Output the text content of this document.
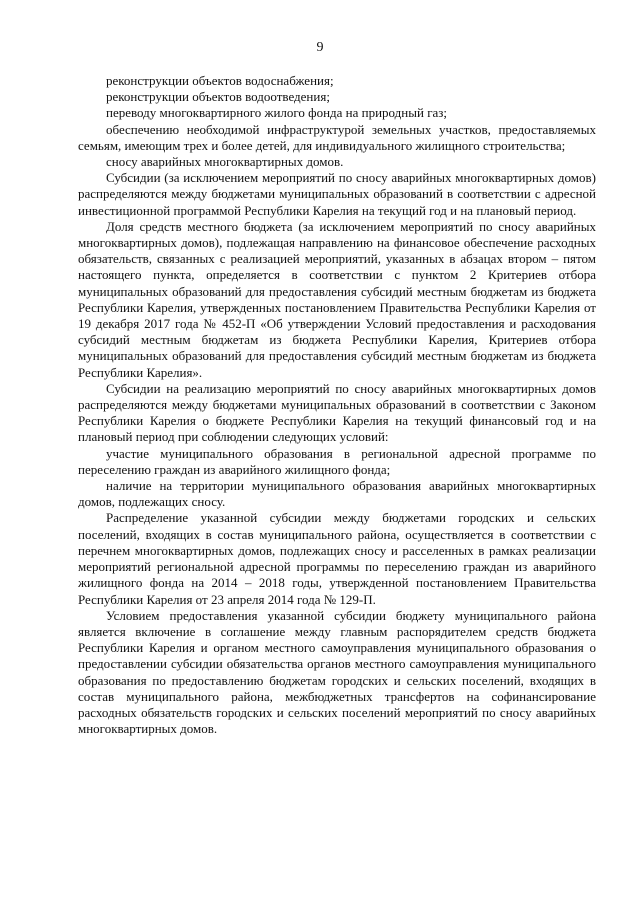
9

реконструкции объектов водоснабжения;

реконструкции объектов водоотведения;

переводу многоквартирного жилого фонда на природный газ;

обеспечению необходимой инфраструктурой земельных участков, предоставляемых семьям, имеющим трех и более детей, для индивидуального жилищного строительства;

сносу аварийных многоквартирных домов.

Субсидии (за исключением мероприятий по сносу аварийных многоквартирных домов) распределяются между бюджетами муниципальных образований в соответствии с адресной инвестиционной программой Республики Карелия на текущий год и на плановый период.

Доля средств местного бюджета (за исключением мероприятий по сносу аварийных многоквартирных домов), подлежащая направлению на финансовое обеспечение расходных обязательств, связанных с реализацией мероприятий, указанных в абзацах втором – пятом настоящего пункта, определяется в соответствии с пунктом 2 Критериев отбора муниципальных образований для предоставления субсидий местным бюджетам из бюджета Республики Карелия, утвержденных постановлением Правительства Республики Карелия от 19 декабря 2017 года № 452-П «Об утверждении Условий предоставления и расходования субсидий местным бюджетам из бюджета Республики Карелия, Критериев отбора муниципальных образований для предоставления субсидий местным бюджетам из бюджета Республики Карелия».

Субсидии на реализацию мероприятий по сносу аварийных многоквартирных домов распределяются между бюджетами муниципальных образований в соответствии с Законом Республики Карелия о бюджете Республики Карелия на текущий финансовый год и на плановый период при соблюдении следующих условий:

участие муниципального образования в региональной адресной программе по переселению граждан из аварийного жилищного фонда;

наличие на территории муниципального образования аварийных многоквартирных домов, подлежащих сносу.

Распределение указанной субсидии между бюджетами городских и сельских поселений, входящих в состав муниципального района, осуществляется в соответствии с перечнем многоквартирных домов, подлежащих сносу и расселенных в рамках реализации мероприятий региональной адресной программы по переселению граждан из аварийного жилищного фонда на 2014 – 2018 годы, утвержденной постановлением Правительства Республики Карелия от 23 апреля 2014 года № 129-П.

Условием предоставления указанной субсидии бюджету муниципального района является включение в соглашение между главным распорядителем средств бюджета Республики Карелия и органом местного самоуправления муниципального образования о предоставлении субсидии обязательства органов местного самоуправления муниципального образования по предоставлению бюджетам городских и сельских поселений, входящих в состав муниципального района, межбюджетных трансфертов на софинансирование расходных обязательств городских и сельских поселений мероприятий по сносу аварийных многоквартирных домов.
